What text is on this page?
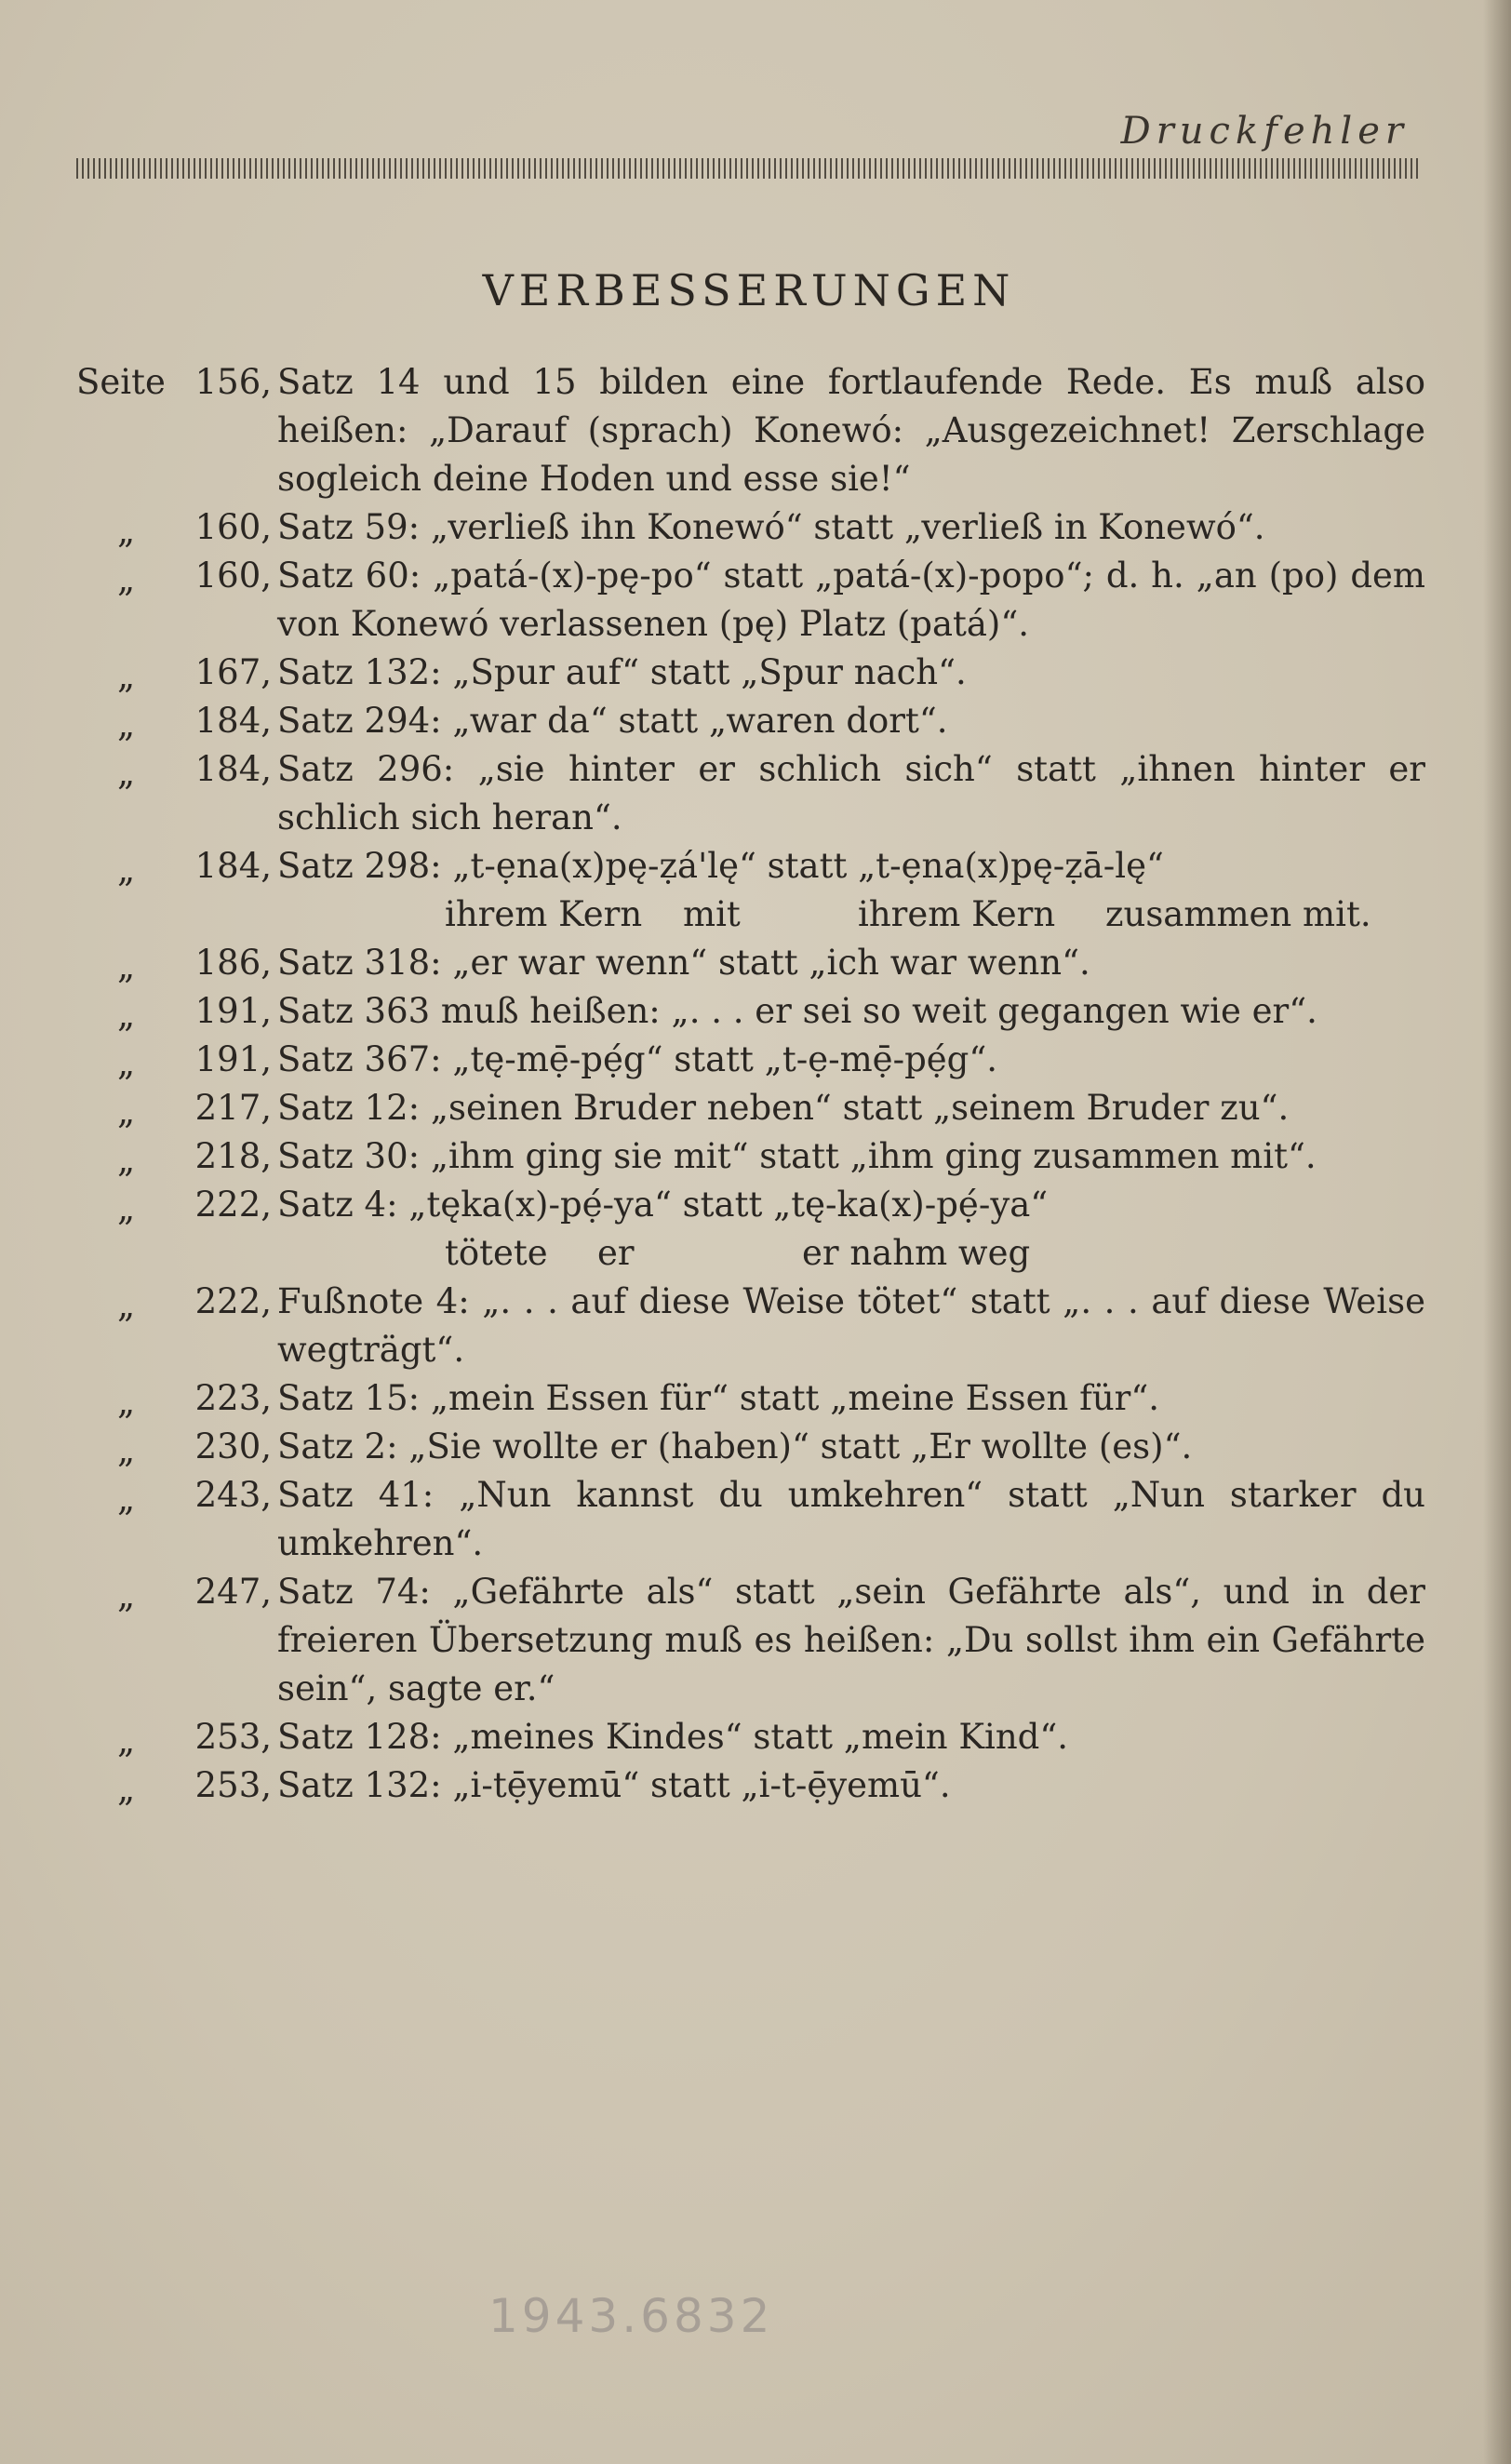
Druckfehler
VERBESSERUNGEN
Seite 156, Satz 14 und 15 bilden eine fortlaufende Rede. Es muß also heißen: „Darauf (sprach) Konewó: „Ausgezeichnet! Zerschlage sogleich deine Hoden und esse sie!“
„ 160, Satz 59: „verließ ihn Konewó“ statt „verließ in Konewó“.
„ 160, Satz 60: „patá-(x)-pę-po“ statt „patá-(x)-popo“; d. h. „an (po) dem von Konewó verlassenen (pę) Platz (patá)“.
„ 167, Satz 132: „Spur auf“ statt „Spur nach“.
„ 184, Satz 294: „war da“ statt „waren dort“.
„ 184, Satz 296: „sie hinter er schlich sich“ statt „ihnen hinter er schlich sich heran“.
„ 184, Satz 298: „t-ẹna(x)pę-ẓá'lę“ statt „t-ẹna(x)pę-ẓā-lę“
ihrem Kern mit	ihrem Kern zusammen mit.
„ 186, Satz 318: „er war wenn“ statt „ich war wenn“.
„ 191, Satz 363 muß heißen: „. . . er sei so weit gegangen wie er“.
„ 191, Satz 367: „tę-mẹ̄-pẹ́g“ statt „t-ẹ-mẹ̄-pẹ́g“.
„ 217, Satz 12: „seinen Bruder neben“ statt „seinem Bruder zu“.
„ 218, Satz 30: „ihm ging sie mit“ statt „ihm ging zusammen mit“.
„ 222, Satz 4: „tęka(x)-pẹ́-ya“ statt „tę-ka(x)-pẹ́-ya“
tötete er	er nahm weg
„ 222, Fußnote 4: „. . . auf diese Weise tötet“ statt „. . . auf diese Weise wegträgt“.
„ 223, Satz 15: „mein Essen für“ statt „meine Essen für“.
„ 230, Satz 2: „Sie wollte er (haben)“ statt „Er wollte (es)“.
„ 243, Satz 41: „Nun kannst du umkehren“ statt „Nun starker du umkehren“.
„ 247, Satz 74: „Gefährte als“ statt „sein Gefährte als“, und in der freieren Übersetzung muß es heißen: „Du sollst ihm ein Gefährte sein“, sagte er.“
„ 253, Satz 128: „meines Kindes“ statt „mein Kind“.
„ 253, Satz 132: „i-tẹ̄yemū“ statt „i-t-ẹ̄yemū“.
1943.6832
